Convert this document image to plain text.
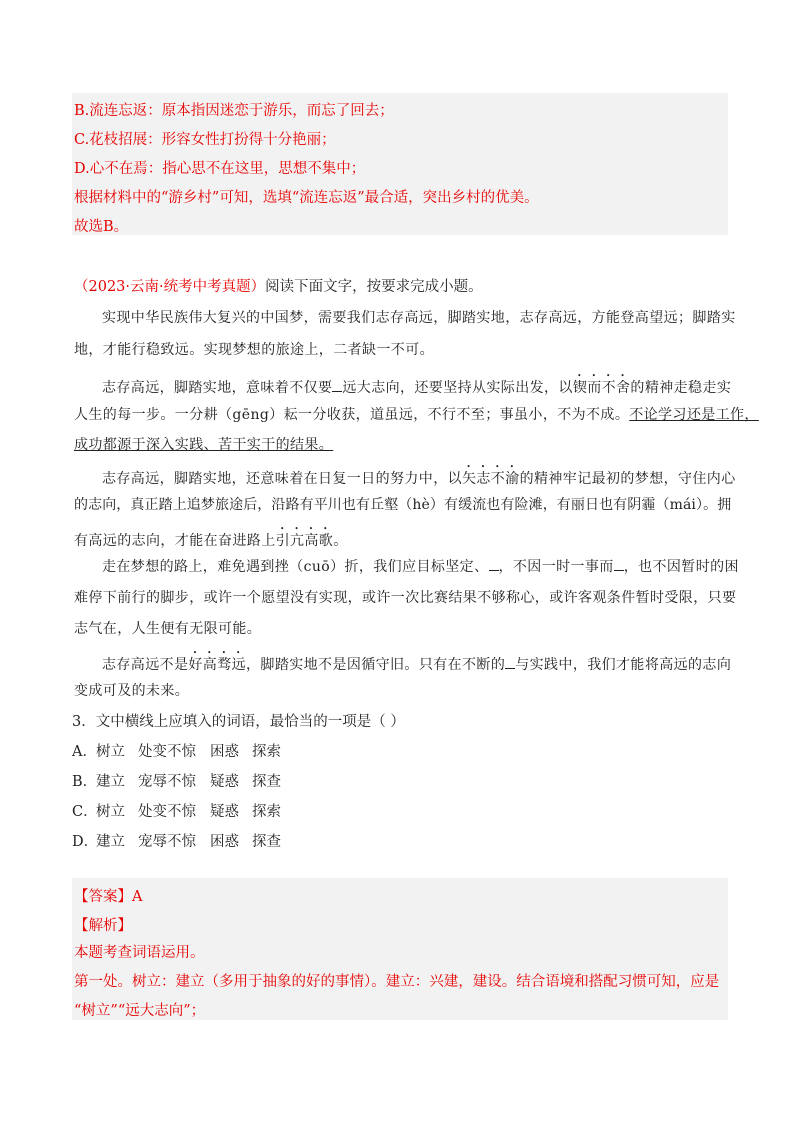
B.流连忘返：原本指因迷恋于游乐，而忘了回去；
C.花枝招展：形容女性打扮得十分艳丽；
D.心不在焉：指心思不在这里，思想不集中；
根据材料中的“游乡村”可知，选填“流连忘返”最合适，突出乡村的优美。
故选B。
（2023·云南·统考中考真题）阅读下面文字，按要求完成小题。
实现中华民族伟大复兴的中国梦，需要我们志存高远，脚踏实地，志存高远，方能登高望远；脚踏实
地，才能行稳致远。实现梦想的旅途上，二者缺一不可。
志存高远，脚踏实地，意味着不仅要 远大志向，还要坚持从实际出发，以锲而不舍的精神走稳走实
人生的每一步。一分耕（gēng）耘一分收获，道虽远，不行不至；事虽小，不为不成。不论学习还是工作，
成功都源于深入实践、苦干实干的结果。
志存高远，脚踏实地，还意味着在日复一日的努力中，以矢志不渝的精神牢记最初的梦想，守住内心
的志向，真正踏上追梦旅途后，沿路有平川也有丘壑（hè）有缓流也有险滩，有丽日也有阴霾（mái）。拥
有高远的志向，才能在奋进路上引亢高歌。
走在梦想的路上，难免遇到挫（cuō）折，我们应目标坚定、 ，不因一时一事而 ，也不因暂时的困
难停下前行的脚步，或许一个愿望没有实现，或许一次比赛结果不够称心，或许客观条件暂时受限，只要
志气在，人生便有无限可能。
志存高远不是好高骛远，脚踏实地不是因循守旧。只有在不断的 与实践中，我们才能将高远的志向
变成可及的未来。
3．文中横线上应填入的词语，最恰当的一项是（ ）
A．树立 处变不惊 困惑 探索
B．建立 宠辱不惊 疑惑 探查
C．树立 处变不惊 疑惑 探索
D．建立 宠辱不惊 困惑 探查
【答案】A
【解析】
本题考查词语运用。
第一处。树立：建立（多用于抽象的好的事情）。建立：兴建，建设。结合语境和搭配习惯可知，应是
“树立”“远大志向”；
